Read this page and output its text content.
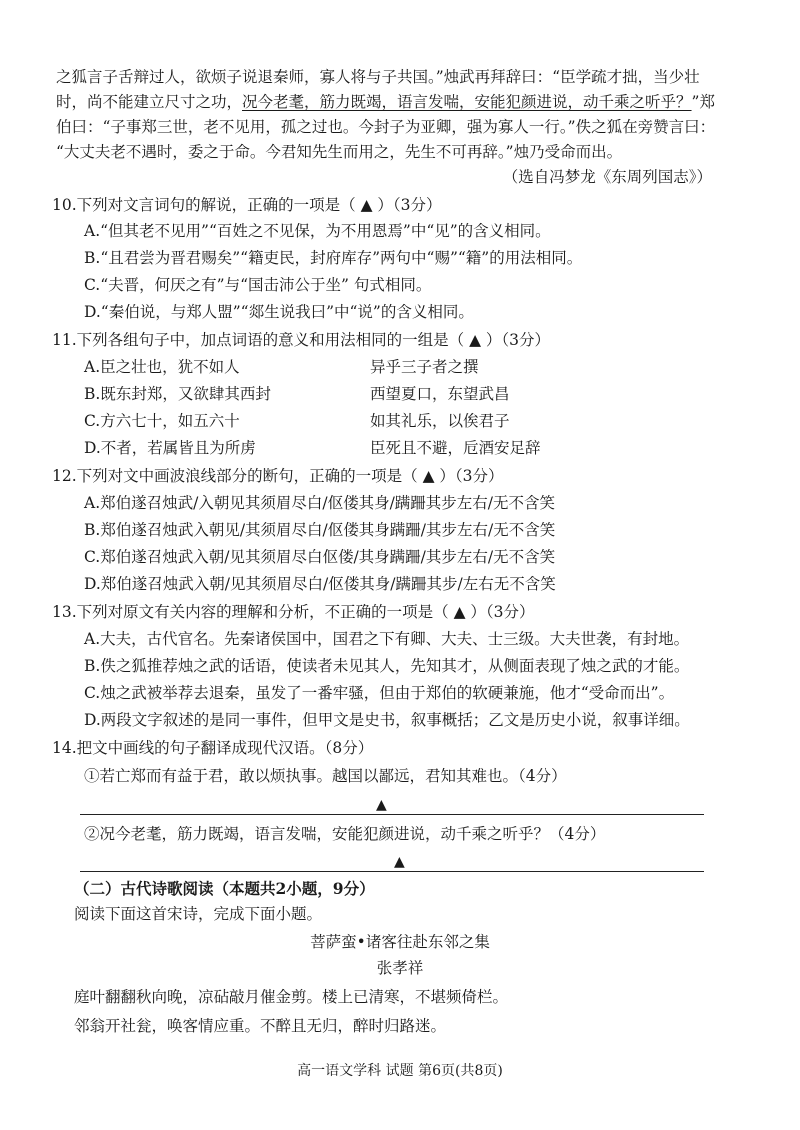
之狐言子舌辩过人，欲烦子说退秦师，寡人将与子共国。”烛武再拜辞曰：“臣学疏才拙，当少壮
时，尚不能建立尺寸之功，况今老耄，筋力既竭，语言发喘，安能犯颜进说，动千乘之听乎？”郑
伯曰：“子事郑三世，老不见用，孤之过也。今封子为亚卿，强为寡人一行。”佚之狐在旁赞言曰：
“大丈夫老不遇时，委之于命。今君知先生而用之，先生不可再辞。”烛乃受命而出。
（选自冯梦龙《东周列国志》）
10.下列对文言词句的解说，正确的一项是（ ▲ ）（3分）
A.“但其老不见用”“百姓之不见保，为不用恩焉”中“见”的含义相同。
B.“且君尝为晋君赐矣”“籍吏民，封府库存”两句中“赐”“籍”的用法相同。
C.“夫晋，何厌之有”与“国击沛公于坐” 句式相同。
D.“秦伯说，与郑人盟”“郯生说我曰”中“说”的含义相同。
11.下列各组句子中，加点词语的意义和用法相同的一组是（ ▲ ）（3分）
A.臣之壮也，犹不如人	异乎三子者之撰
B.既东封郑，又欲肆其西封	西望夏口，东望武昌
C.方六七十，如五六十	如其礼乐，以俟君子
D.不者，若属皆且为所虏	臣死且不避，卮酒安足辞
12.下列对文中画波浪线部分的断句，正确的一项是（ ▲ ）（3分）
A.郑伯遂召烛武/入朝见其须眉尽白/伛偻其身/蹒跚其步左右/无不含笑
B.郑伯遂召烛武入朝见/其须眉尽白/伛偻其身蹒跚/其步左右/无不含笑
C.郑伯遂召烛武入朝/见其须眉尽白伛偻/其身蹒跚/其步左右/无不含笑
D.郑伯遂召烛武入朝/见其须眉尽白/伛偻其身/蹒跚其步/左右无不含笑
13.下列对原文有关内容的理解和分析，不正确的一项是（ ▲ ）（3分）
A.大夫，古代官名。先秦诸侯国中，国君之下有卿、大夫、士三级。大夫世袭，有封地。
B.佚之狐推荐烛之武的话语，使读者未见其人，先知其才，从侧面表现了烛之武的才能。
C.烛之武被举荐去退秦，虽发了一番牢骚，但由于郑伯的软硬兼施，他才“受命而出”。
D.两段文字叙述的是同一事件，但甲文是史书，叙事概括；乙文是历史小说，叙事详细。
14.把文中画线的句子翻译成现代汉语。（8分）
①若亡郑而有益于君，敢以烦执事。越国以鄙远，君知其难也。（4分）
▲
②况今老耄，筋力既竭，语言发喘，安能犯颜进说，动千乘之听乎？（4分）
▲
（二）古代诗歌阅读（本题共2小题，9分）
阅读下面这首宋诗，完成下面小题。
菩萨蛮•诸客往赴东邻之集
张孝祥
庭叶翻翻秋向晚，凉砧敲月催金剪。楼上已清寒，不堪频倚栏。
邻翁开社瓮，唤客情应重。不醉且无归，醉时归路迷。
高一语文学科 试题 第6页(共8页)
